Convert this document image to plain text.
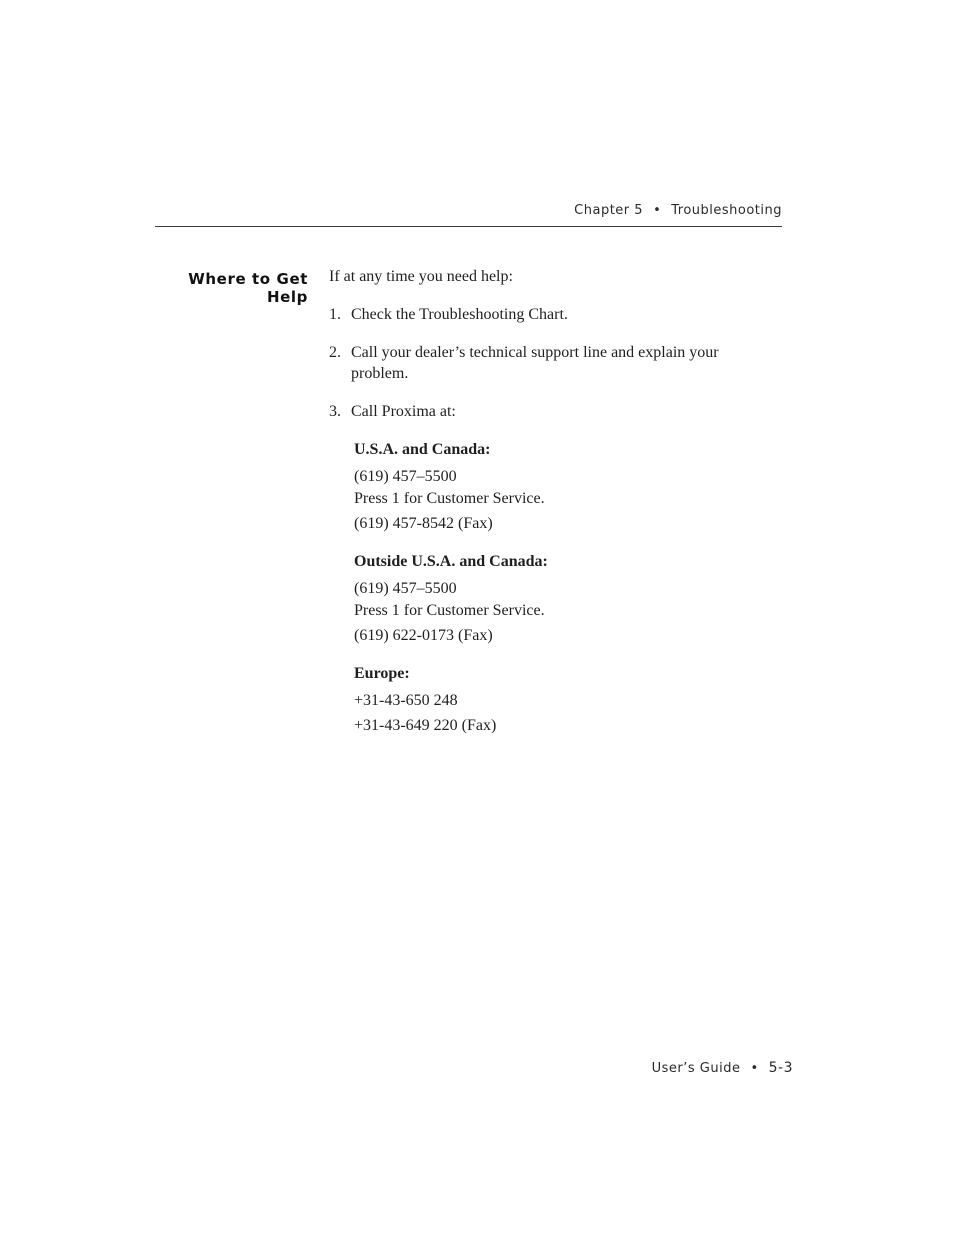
Chapter 5 • Troubleshooting
Where to Get
Help

If at any time you need help:

1. Check the Troubleshooting Chart.
2. Call your dealer’s technical support line and explain your problem.
3. Call Proxima at:
U.S.A. and Canada:
(619) 457–5500
Press 1 for Customer Service.
(619) 457-8542 (Fax)
Outside U.S.A. and Canada:
(619) 457–5500
Press 1 for Customer Service.
(619) 622-0173 (Fax)
Europe:
+31-43-650 248
+31-43-649 220 (Fax)
User’s Guide • 5-3
